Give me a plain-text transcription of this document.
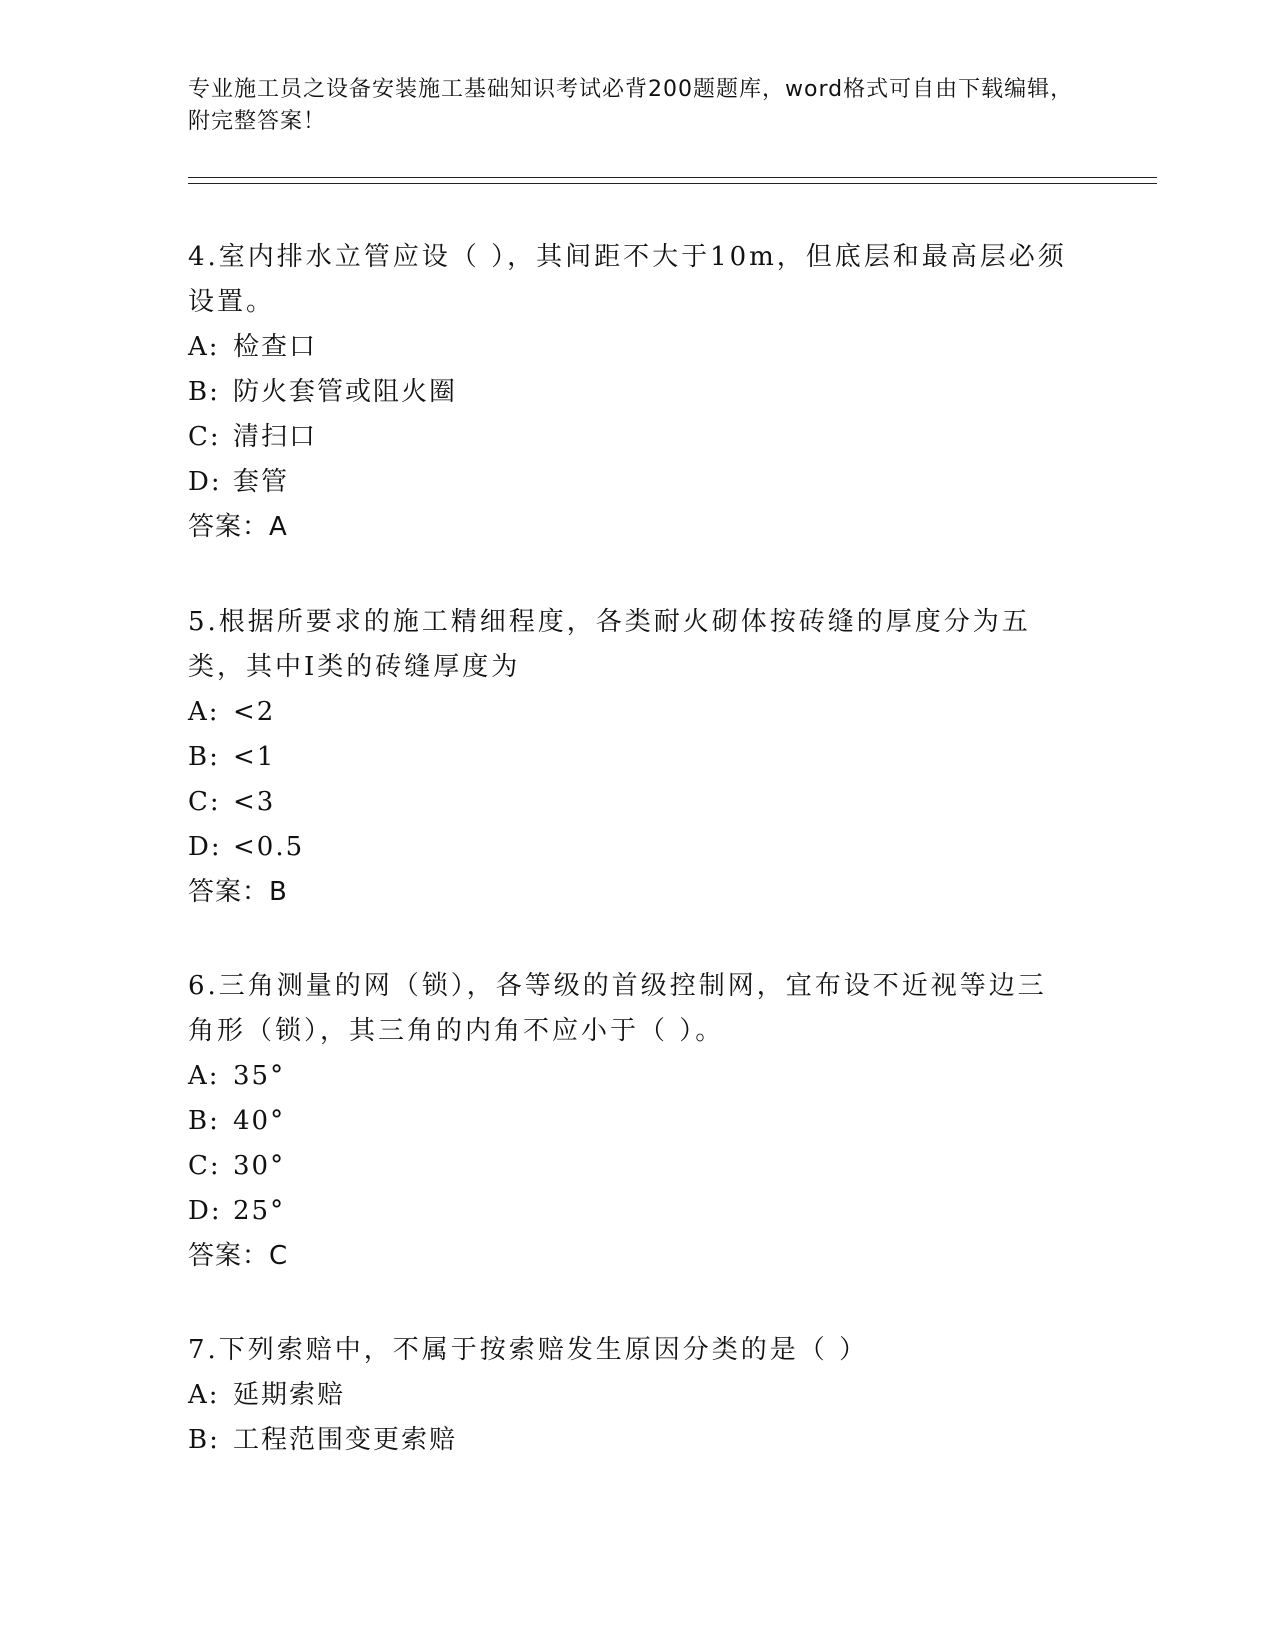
专业施工员之设备安装施工基础知识考试必背200题题库，word格式可自由下载编辑，附完整答案！

4.室内排水立管应设（ ），其间距不大于10m，但底层和最高层必须设置。

A: 检查口

B: 防火套管或阻火圈

C: 清扫口

D: 套管

答案：A

5.根据所要求的施工精细程度，各类耐火砌体按砖缝的厚度分为五类，其中Ⅰ类的砖缝厚度为

A: <2

B: <1

C: <3

D: <0.5

答案：B

6.三角测量的网（锁），各等级的首级控制网，宜布设不近视等边三角形（锁），其三角的内角不应小于（ ）。

A: 35°

B: 40°

C: 30°

D: 25°

答案：C

7.下列索赔中，不属于按索赔发生原因分类的是（ ）

A: 延期索赔

B: 工程范围变更索赔
